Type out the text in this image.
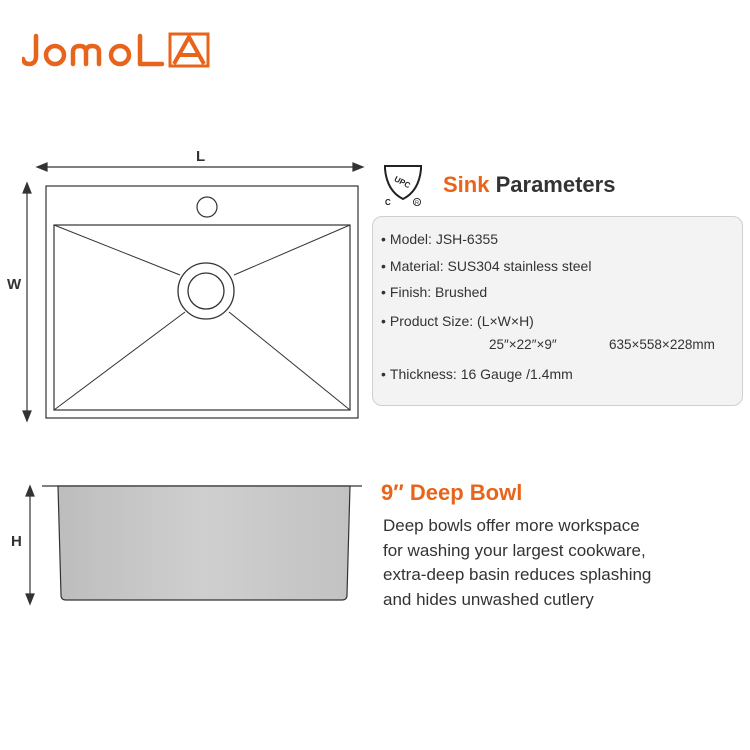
JomolA
L
W
H
UPC
C	R
Sink Parameters
• Model: JSH-6355
• Material: SUS304 stainless steel
• Finish: Brushed
• Product Size: (L×W×H)
25″×22″×9″	635×558×228mm
• Thickness: 16 Gauge /1.4mm
9″ Deep Bowl
Deep bowls offer more workspace
for washing your largest cookware,
extra-deep basin reduces splashing
and hides unwashed cutlery
